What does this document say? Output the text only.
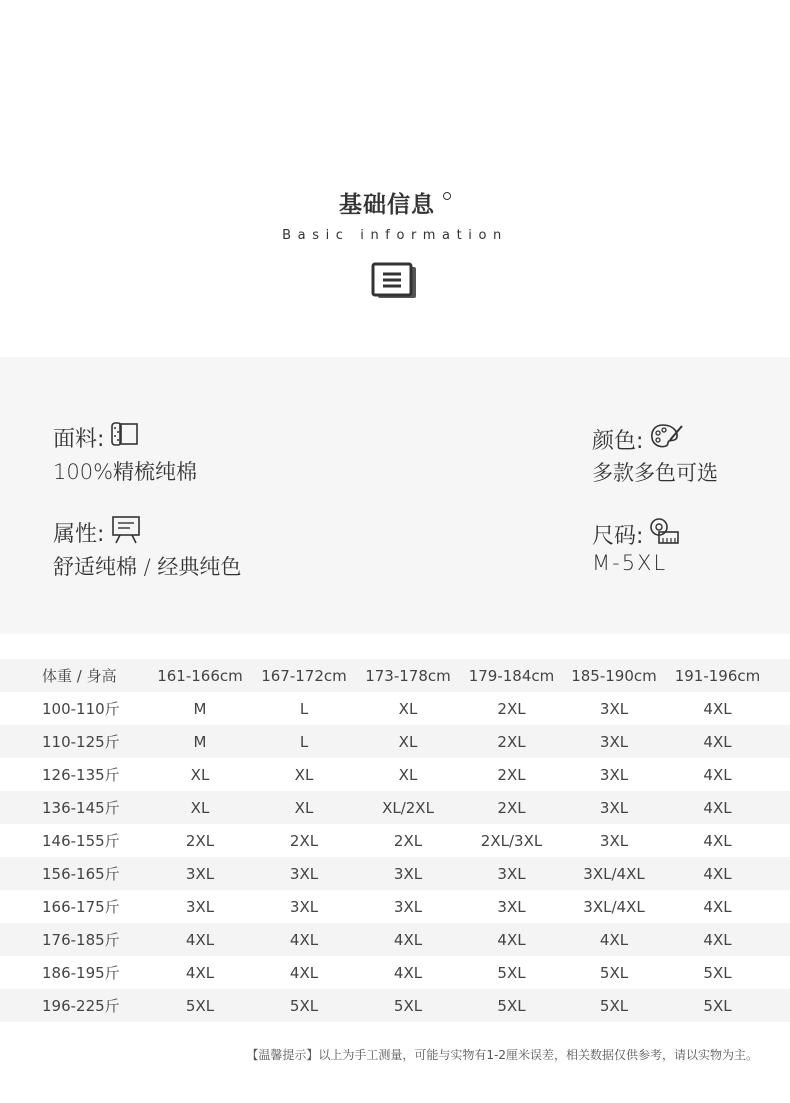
基础信息
Basic information
面料:
100%精梳纯棉
颜色:
多款多色可选
属性:
舒适纯棉 / 经典纯色
尺码:
M-5XL
体重 / 身高	161-166cm	167-172cm	173-178cm	179-184cm	185-190cm	191-196cm
100-110斤	M	L	XL	2XL	3XL	4XL
110-125斤	M	L	XL	2XL	3XL	4XL
126-135斤	XL	XL	XL	2XL	3XL	4XL
136-145斤	XL	XL	XL/2XL	2XL	3XL	4XL
146-155斤	2XL	2XL	2XL	2XL/3XL	3XL	4XL
156-165斤	3XL	3XL	3XL	3XL	3XL/4XL	4XL
166-175斤	3XL	3XL	3XL	3XL	3XL/4XL	4XL
176-185斤	4XL	4XL	4XL	4XL	4XL	4XL
186-195斤	4XL	4XL	4XL	5XL	5XL	5XL
196-225斤	5XL	5XL	5XL	5XL	5XL	5XL
【温馨提示】以上为手工测量，可能与实物有1-2厘米误差，相关数据仅供参考，请以实物为主。
